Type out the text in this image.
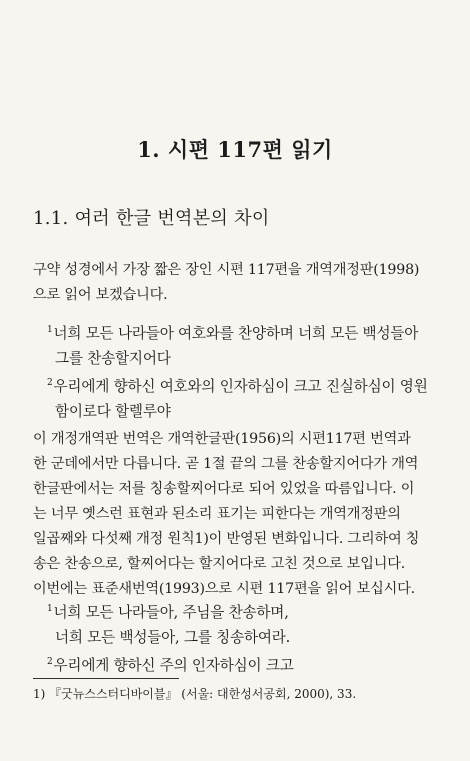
1. 시편 117편 읽기
1.1. 여러 한글 번역본의 차이
구약 성경에서 가장 짧은 장인 시편 117편을 개역개정판(1998)
으로 읽어 보겠습니다.
$^1$너희 모든 나라들아 여호와를 찬양하며 너희 모든 백성들아
그를 찬송할지어다
$^2$우리에게 향하신 여호와의 인자하심이 크고 진실하심이 영원
함이로다 할렐루야
이 개정개역판 번역은 개역한글판(1956)의 시편117편 번역과
한 군데에서만 다릅니다. 곧 1절 끝의 그를 찬송할지어다가 개역
한글판에서는 저를 칭송할찌어다로 되어 있었을 따름입니다. 이
는 너무 옛스런 표현과 된소리 표기는 피한다는 개역개정판의
일곱째와 다섯째 개정 원칙1)이 반영된 변화입니다. 그리하여 칭
송은 찬송으로, 할찌어다는 할지어다로 고친 것으로 보입니다.
이번에는 표준새번역(1993)으로 시편 117편을 읽어 보십시다.
$^1$너희 모든 나라들아, 주님을 찬송하며,
너희 모든 백성들아, 그를 칭송하여라.
$^2$우리에게 향하신 주의 인자하심이 크고
1) 『굿뉴스스터디바이블』 (서울: 대한성서공회, 2000), 33.
